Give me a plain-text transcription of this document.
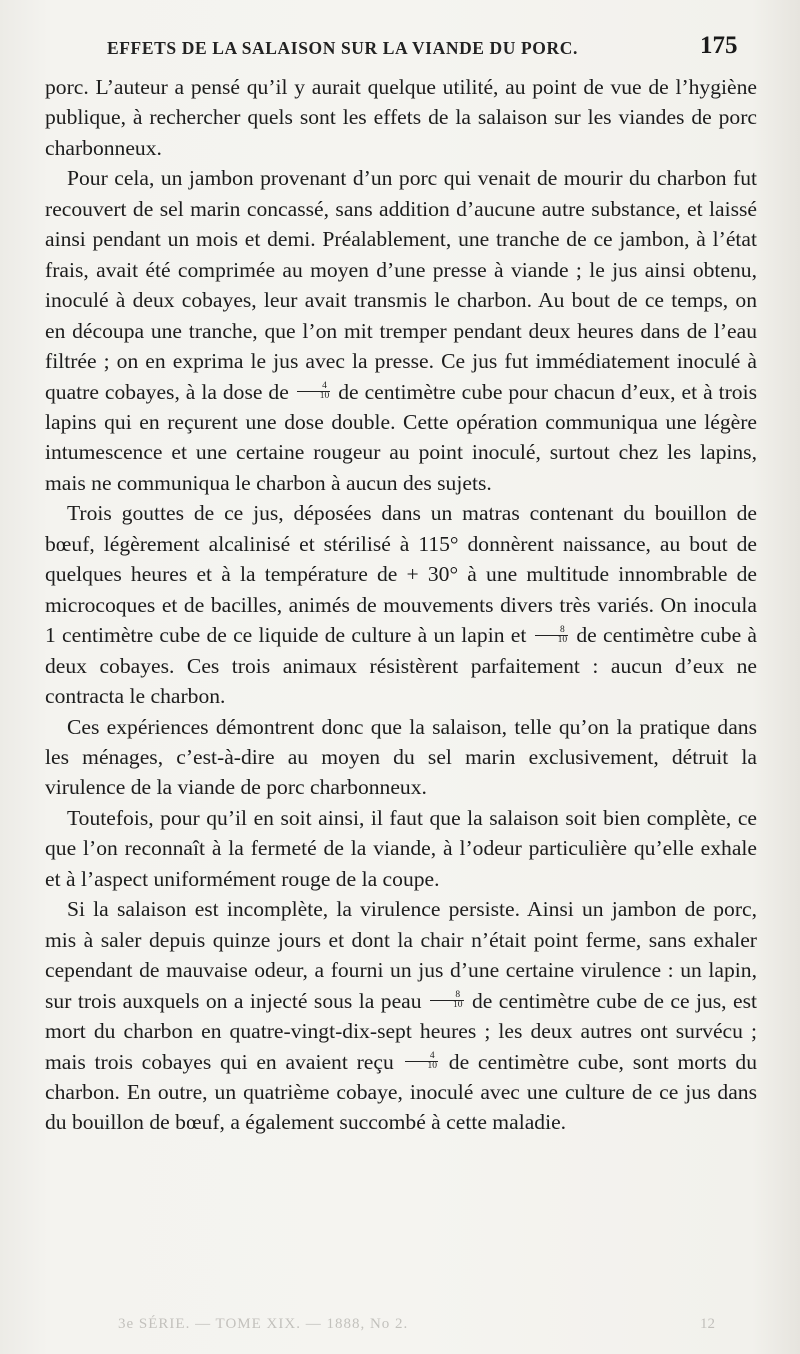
EFFETS DE LA SALAISON SUR LA VIANDE DU PORC.	175

porc. L’auteur a pensé qu’il y aurait quelque utilité, au point de vue de l’hygiène publique, à rechercher quels sont les effets de la salaison sur les viandes de porc charbonneux.

Pour cela, un jambon provenant d’un porc qui venait de mourir du charbon fut recouvert de sel marin concassé, sans addition d’aucune autre substance, et laissé ainsi pendant un mois et demi. Préalablement, une tranche de ce jambon, à l’état frais, avait été comprimée au moyen d’une presse à viande ; le jus ainsi obtenu, inoculé à deux cobayes, leur avait transmis le charbon. Au bout de ce temps, on en découpa une tranche, que l’on mit tremper pendant deux heures dans de l’eau filtrée ; on en exprima le jus avec la presse. Ce jus fut immédiatement inoculé à quatre cobayes, à la dose de $\frac{4}{10}$ de centimètre cube pour chacun d’eux, et à trois lapins qui en reçurent une dose double. Cette opération communiqua une légère intumescence et une certaine rougeur au point inoculé, surtout chez les lapins, mais ne communiqua le charbon à aucun des sujets.

Trois gouttes de ce jus, déposées dans un matras contenant du bouillon de bœuf, légèrement alcalinisé et stérilisé à 115° donnèrent naissance, au bout de quelques heures et à la température de + 30° à une multitude innombrable de microcoques et de bacilles, animés de mouvements divers très variés. On inocula 1 centimètre cube de ce liquide de culture à un lapin et $\frac{8}{10}$ de centimètre cube à deux cobayes. Ces trois animaux résistèrent parfaitement : aucun d’eux ne contracta le charbon.

Ces expériences démontrent donc que la salaison, telle qu’on la pratique dans les ménages, c’est-à-dire au moyen du sel marin exclusivement, détruit la virulence de la viande de porc charbonneux.

Toutefois, pour qu’il en soit ainsi, il faut que la salaison soit bien complète, ce que l’on reconnaît à la fermeté de la viande, à l’odeur particulière qu’elle exhale et à l’aspect uniformément rouge de la coupe.

Si la salaison est incomplète, la virulence persiste. Ainsi un jambon de porc, mis à saler depuis quinze jours et dont la chair n’était point ferme, sans exhaler cependant de mauvaise odeur, a fourni un jus d’une certaine virulence : un lapin, sur trois auxquels on a injecté sous la peau $\frac{8}{10}$ de centimètre cube de ce jus, est mort du charbon en quatre-vingt-dix-sept heures ; les deux autres ont survécu ; mais trois cobayes qui en avaient reçu $\frac{4}{10}$ de centimètre cube, sont morts du charbon. En outre, un quatrième cobaye, inoculé avec une culture de ce jus dans du bouillon de bœuf, a également succombé à cette maladie.

3e SÉRIE. — TOME XIX. — 1888, No 2.	12
